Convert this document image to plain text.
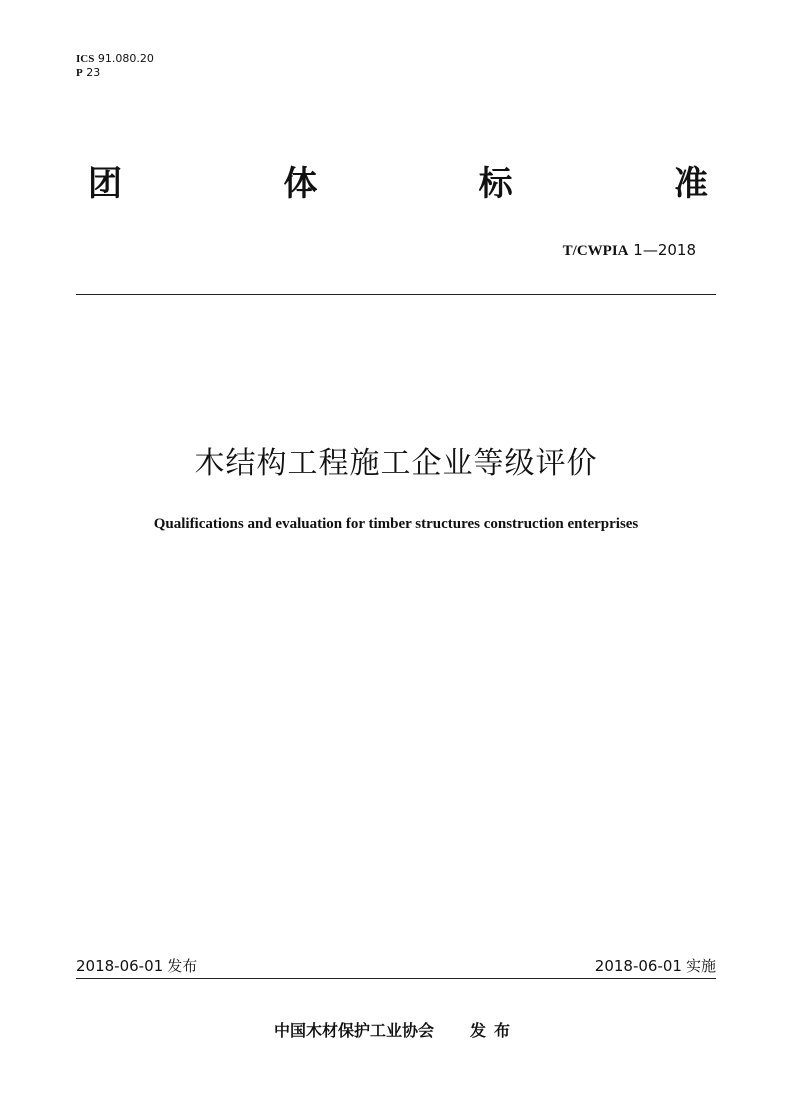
ICS 91.080.20
P 23
团	体	标	准
T/CWPIA 1—2018
木结构工程施工企业等级评价
Qualifications and evaluation for timber structures construction enterprises
2018-06-01 发布	2018-06-01 实施
中国木材保护工业协会 发布
